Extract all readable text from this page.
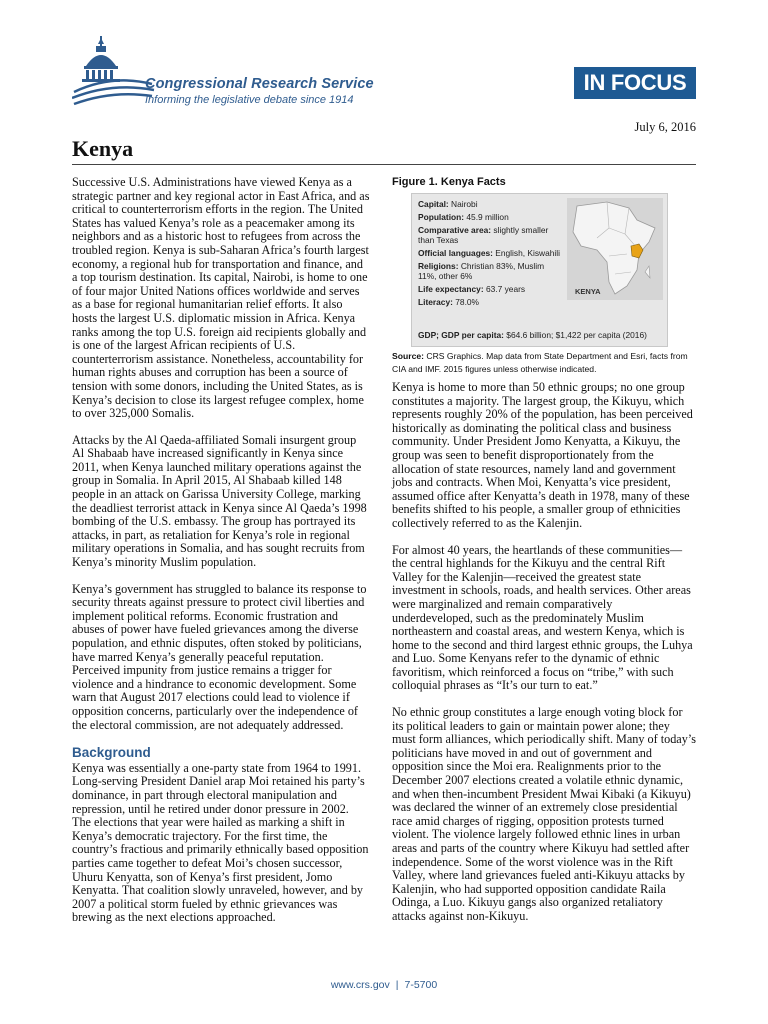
Congressional Research Service
Informing the legislative debate since 1914
IN FOCUS
July 6, 2016
Kenya

Successive U.S. Administrations have viewed Kenya as a strategic partner and key regional actor in East Africa, and as critical to counterterrorism efforts in the region. The United States has valued Kenya’s role as a peacemaker among its neighbors and as a historic host to refugees from across the troubled region. Kenya is sub-Saharan Africa’s fourth largest economy, a regional hub for transportation and finance, and a top tourism destination. Its capital, Nairobi, is home to one of four major United Nations offices worldwide and serves as a base for regional humanitarian relief efforts. It also hosts the largest U.S. diplomatic mission in Africa. Kenya ranks among the top U.S. foreign aid recipients globally and is one of the largest African recipients of U.S. counterterrorism assistance. Nonetheless, accountability for human rights abuses and corruption has been a source of tension with some donors, including the United States, as is Kenya’s decision to close its largest refugee complex, home to over 325,000 Somalis.

Attacks by the Al Qaeda-affiliated Somali insurgent group Al Shabaab have increased significantly in Kenya since 2011, when Kenya launched military operations against the group in Somalia. In April 2015, Al Shabaab killed 148 people in an attack on Garissa University College, marking the deadliest terrorist attack in Kenya since Al Qaeda’s 1998 bombing of the U.S. embassy. The group has portrayed its attacks, in part, as retaliation for Kenya’s role in regional military operations in Somalia, and has sought recruits from Kenya’s minority Muslim population.

Kenya’s government has struggled to balance its response to security threats against pressure to protect civil liberties and implement political reforms. Economic frustration and abuses of power have fueled grievances among the diverse population, and ethnic disputes, often stoked by politicians, have marred Kenya’s generally peaceful reputation. Perceived impunity from justice remains a trigger for violence and a hindrance to economic development. Some warn that August 2017 elections could lead to violence if opposition concerns, particularly over the independence of the electoral commission, are not adequately addressed.

Background

Kenya was essentially a one-party state from 1964 to 1991. Long-serving President Daniel arap Moi retained his party’s dominance, in part through electoral manipulation and repression, until he retired under donor pressure in 2002. The elections that year were hailed as marking a shift in Kenya’s democratic trajectory. For the first time, the country’s fractious and primarily ethnically based opposition parties came together to defeat Moi’s chosen successor, Uhuru Kenyatta, son of Kenya’s first president, Jomo Kenyatta. That coalition slowly unraveled, however, and by 2007 a political storm fueled by ethnic grievances was brewing as the next elections approached.

Figure 1. Kenya Facts
Capital: Nairobi
Population: 45.9 million
Comparative area: slightly smaller than Texas
Official languages: English, Kiswahili
Religions: Christian 83%, Muslim 11%, other 6%
Life expectancy: 63.7 years
Literacy: 78.0%
GDP; GDP per capita: $64.6 billion; $1,422 per capita (2016)
KENYA
Source: CRS Graphics. Map data from State Department and Esri, facts from CIA and IMF. 2015 figures unless otherwise indicated.

Kenya is home to more than 50 ethnic groups; no one group constitutes a majority. The largest group, the Kikuyu, which represents roughly 20% of the population, has been perceived historically as dominating the political class and business community. Under President Jomo Kenyatta, a Kikuyu, the group was seen to benefit disproportionately from the allocation of state resources, namely land and government jobs and contracts. When Moi, Kenyatta’s vice president, assumed office after Kenyatta’s death in 1978, many of these benefits shifted to his people, a smaller group of ethnicities collectively referred to as the Kalenjin.

For almost 40 years, the heartlands of these communities—the central highlands for the Kikuyu and the central Rift Valley for the Kalenjin—received the greatest state investment in schools, roads, and health services. Other areas were marginalized and remain comparatively underdeveloped, such as the predominately Muslim northeastern and coastal areas, and western Kenya, which is home to the second and third largest ethnic groups, the Luhya and Luo. Some Kenyans refer to the dynamic of ethnic favoritism, which reinforced a focus on “tribe,” with such colloquial phrases as “It’s our turn to eat.”

No ethnic group constitutes a large enough voting block for its political leaders to gain or maintain power alone; they must form alliances, which periodically shift. Many of today’s politicians have moved in and out of government and opposition since the Moi era. Realignments prior to the December 2007 elections created a volatile ethnic dynamic, and when then-incumbent President Mwai Kibaki (a Kikuyu) was declared the winner of an extremely close presidential race amid charges of rigging, opposition protests turned violent. The violence largely followed ethnic lines in urban areas and parts of the country where Kikuyu had settled after independence. Some of the worst violence was in the Rift Valley, where land grievances fueled anti-Kikuyu attacks by Kalenjin, who had supported opposition candidate Raila Odinga, a Luo. Kikuyu gangs also organized retaliatory attacks against non-Kikuyu.

www.crs.gov | 7-5700
